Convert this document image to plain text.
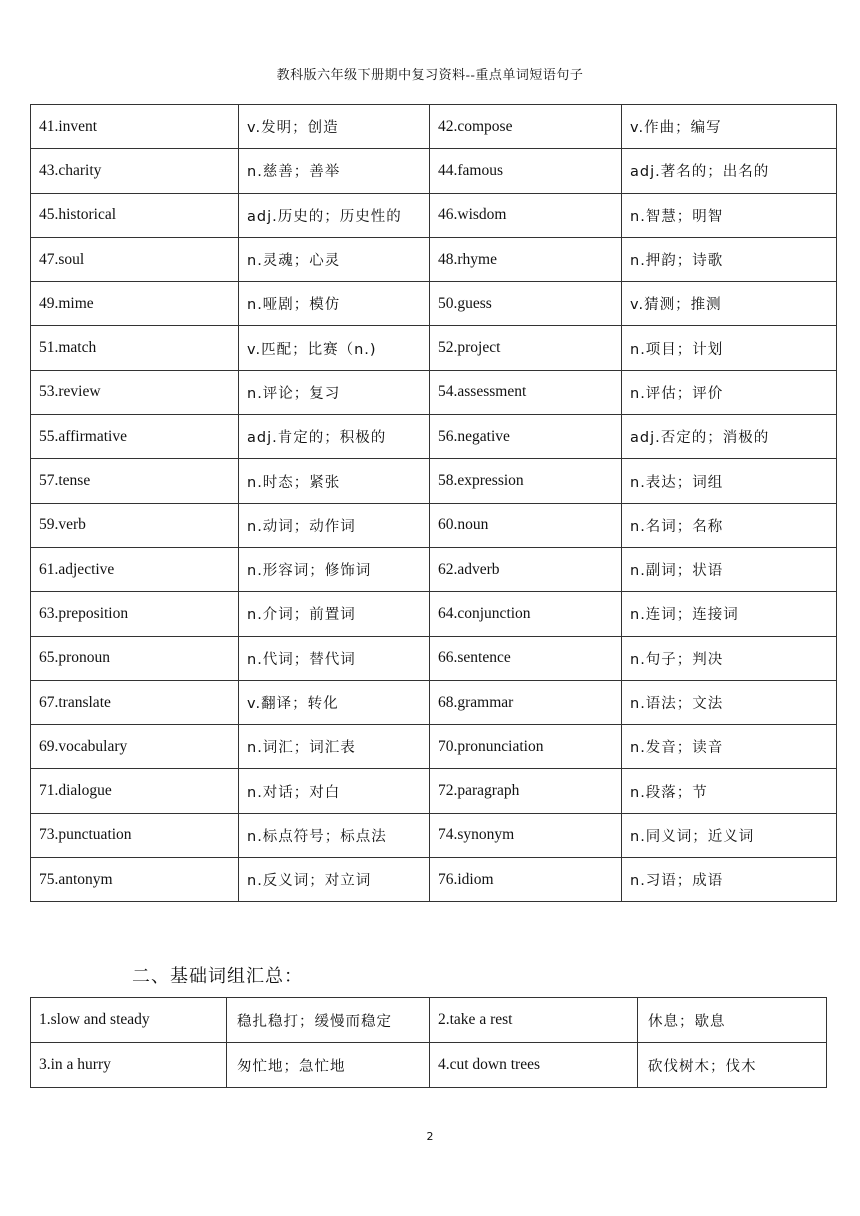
教科版六年级下册期中复习资料--重点单词短语句子
41.invent	v.发明；创造	42.compose	v.作曲；编写
43.charity	n.慈善；善举	44.famous	adj.著名的；出名的
45.historical	adj.历史的；历史性的	46.wisdom	n.智慧；明智
47.soul	n.灵魂；心灵	48.rhyme	n.押韵；诗歌
49.mime	n.哑剧；模仿	50.guess	v.猜测；推测
51.match	v.匹配；比赛（n.)	52.project	n.项目；计划
53.review	n.评论；复习	54.assessment	n.评估；评价
55.affirmative	adj.肯定的；积极的	56.negative	adj.否定的；消极的
57.tense	n.时态；紧张	58.expression	n.表达；词组
59.verb	n.动词；动作词	60.noun	n.名词；名称
61.adjective	n.形容词；修饰词	62.adverb	n.副词；状语
63.preposition	n.介词；前置词	64.conjunction	n.连词；连接词
65.pronoun	n.代词；替代词	66.sentence	n.句子；判决
67.translate	v.翻译；转化	68.grammar	n.语法；文法
69.vocabulary	n.词汇；词汇表	70.pronunciation	n.发音；读音
71.dialogue	n.对话；对白	72.paragraph	n.段落；节
73.punctuation	n.标点符号；标点法	74.synonym	n.同义词；近义词
75.antonym	n.反义词；对立词	76.idiom	n.习语；成语
二、基础词组汇总：
1.slow and steady	稳扎稳打；缓慢而稳定	2.take a rest	休息；歇息
3.in a hurry	匆忙地；急忙地	4.cut down trees	砍伐树木；伐木
2
